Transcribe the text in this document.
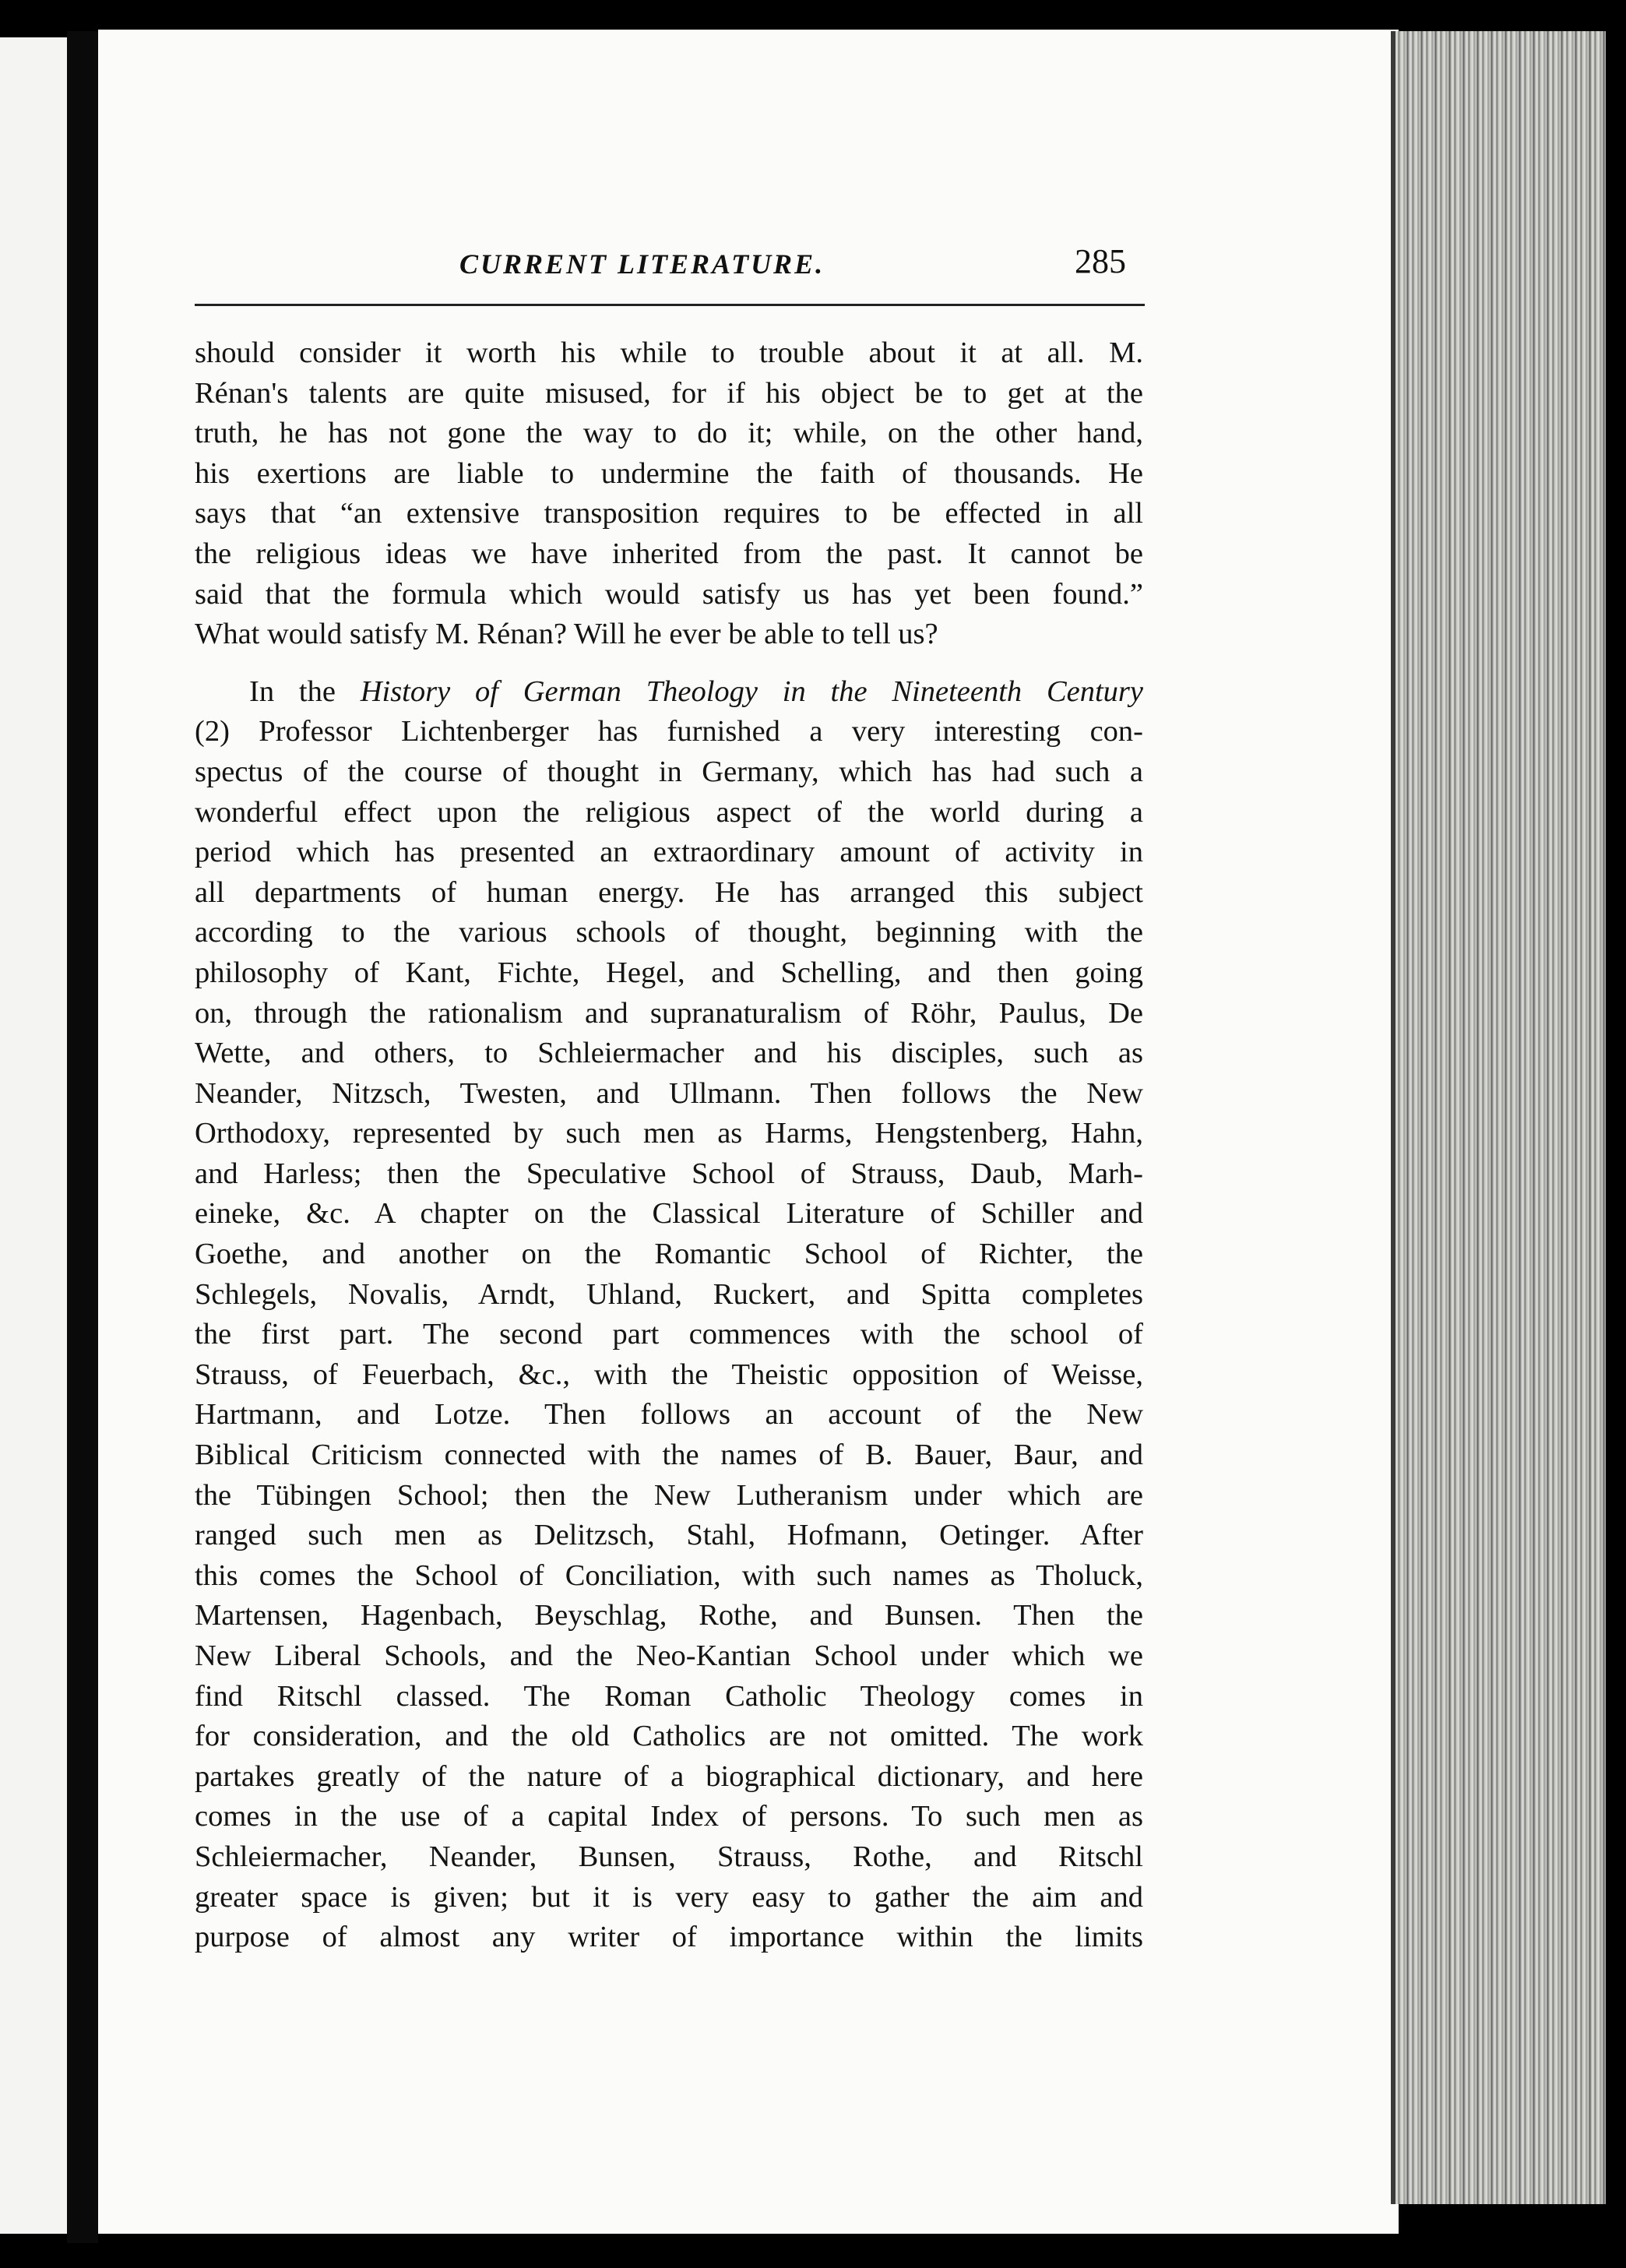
CURRENT LITERATURE.	285
should consider it worth his while to trouble about it at all. M.
Rénan's talents are quite misused, for if his object be to get at the
truth, he has not gone the way to do it; while, on the other hand,
his exertions are liable to undermine the faith of thousands. He
says that “an extensive transposition requires to be effected in all
the religious ideas we have inherited from the past. It cannot be
said that the formula which would satisfy us has yet been found.”
What would satisfy M. Rénan? Will he ever be able to tell us?
In the History of German Theology in the Nineteenth Century
(2) Professor Lichtenberger has furnished a very interesting con-
spectus of the course of thought in Germany, which has had such a
wonderful effect upon the religious aspect of the world during a
period which has presented an extraordinary amount of activity in
all departments of human energy. He has arranged this subject
according to the various schools of thought, beginning with the
philosophy of Kant, Fichte, Hegel, and Schelling, and then going
on, through the rationalism and supranaturalism of Röhr, Paulus, De
Wette, and others, to Schleiermacher and his disciples, such as
Neander, Nitzsch, Twesten, and Ullmann. Then follows the New
Orthodoxy, represented by such men as Harms, Hengstenberg, Hahn,
and Harless; then the Speculative School of Strauss, Daub, Marh-
eineke, &c. A chapter on the Classical Literature of Schiller and
Goethe, and another on the Romantic School of Richter, the
Schlegels, Novalis, Arndt, Uhland, Ruckert, and Spitta completes
the first part. The second part commences with the school of
Strauss, of Feuerbach, &c., with the Theistic opposition of Weisse,
Hartmann, and Lotze. Then follows an account of the New
Biblical Criticism connected with the names of B. Bauer, Baur, and
the Tübingen School; then the New Lutheranism under which are
ranged such men as Delitzsch, Stahl, Hofmann, Oetinger. After
this comes the School of Conciliation, with such names as Tholuck,
Martensen, Hagenbach, Beyschlag, Rothe, and Bunsen. Then the
New Liberal Schools, and the Neo-Kantian School under which we
find Ritschl classed. The Roman Catholic Theology comes in
for consideration, and the old Catholics are not omitted. The work
partakes greatly of the nature of a biographical dictionary, and here
comes in the use of a capital Index of persons. To such men as
Schleiermacher, Neander, Bunsen, Strauss, Rothe, and Ritschl
greater space is given; but it is very easy to gather the aim and
purpose of almost any writer of importance within the limits
